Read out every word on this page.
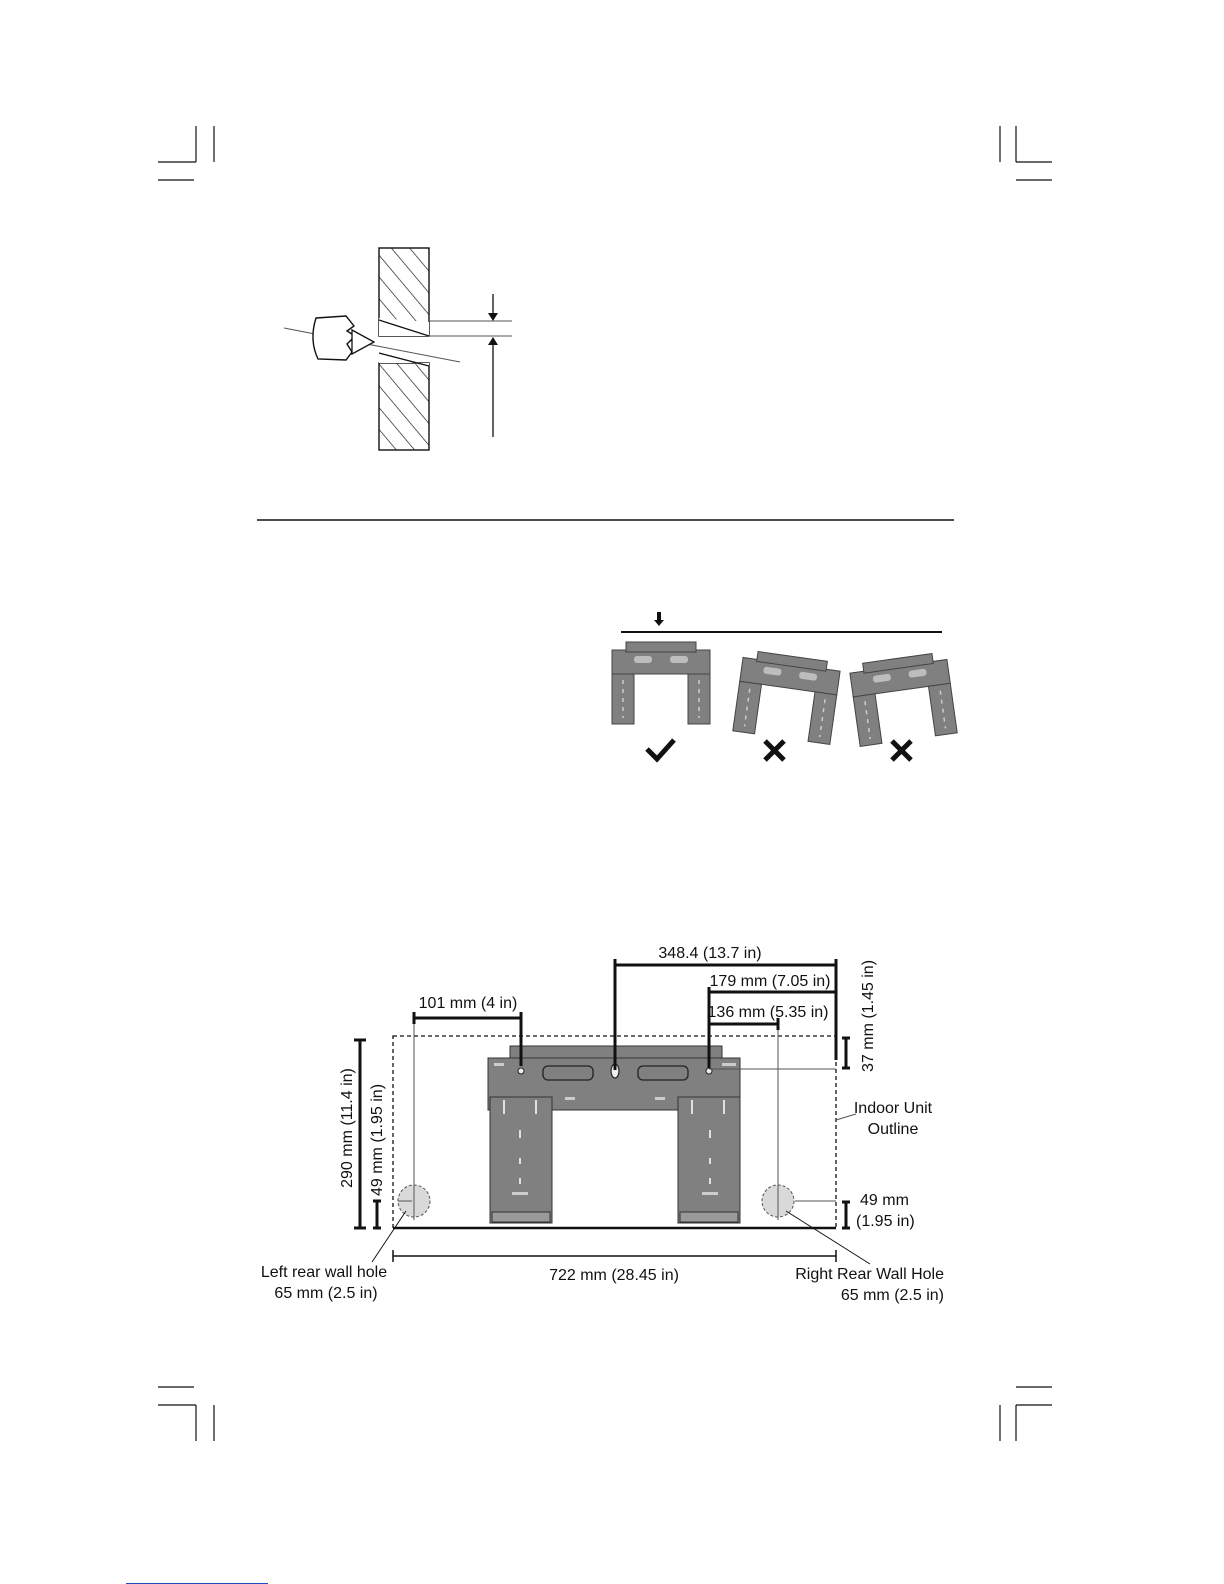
348.4 (13.7 in)
179 mm (7.05 in)
136 mm (5.35 in)
101 mm (4 in)	37 mm (1.45 in)
290 mm (11.4 in) 49 mm (1.95 in)
49 mm
(1.95 in)
722 mm (28.45 in)
Indoor Unit
Outline
Left rear wall hole
65 mm (2.5 in)
Right Rear Wall Hole
65 mm (2.5 in)
